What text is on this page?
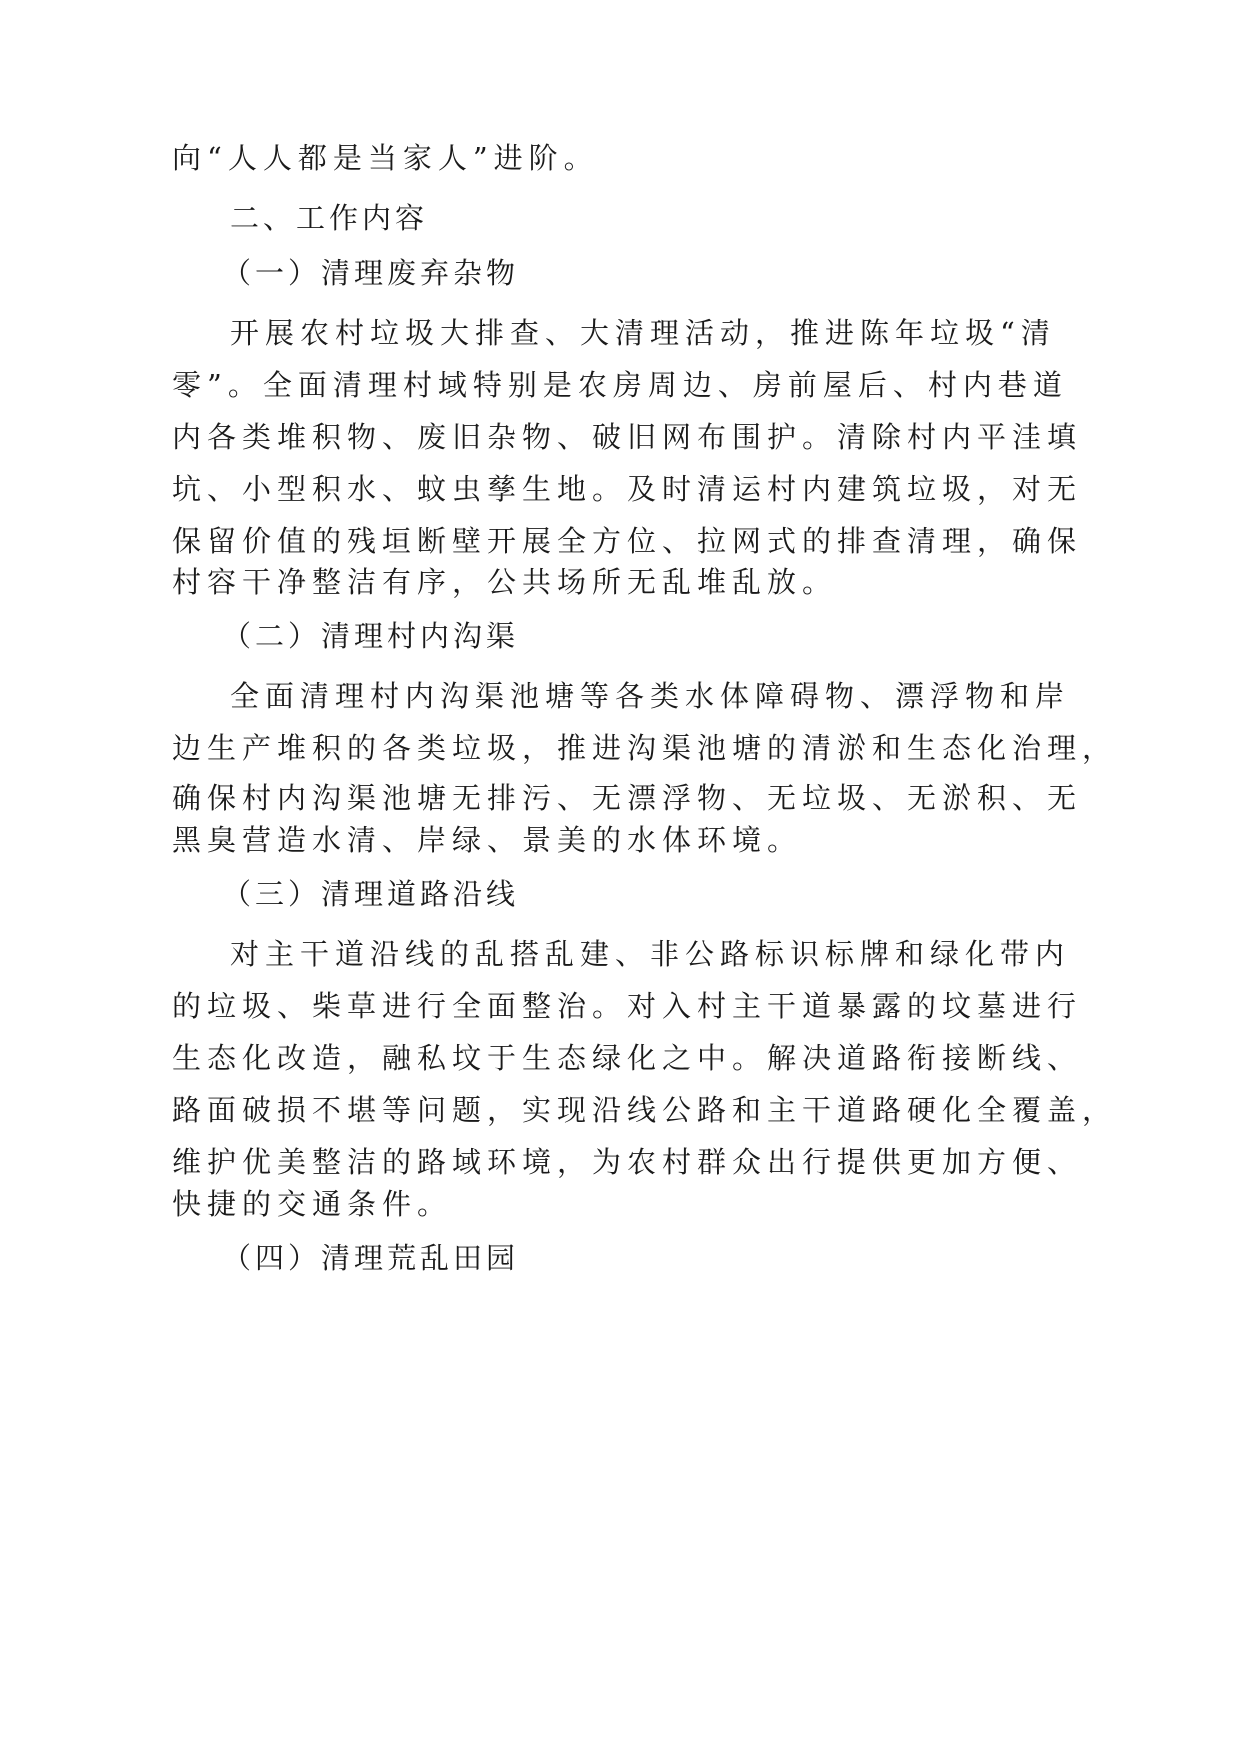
向“人人都是当家人”进阶。
二、工作内容
（一）清理废弃杂物
开展农村垃圾大排查、大清理活动，推进陈年垃圾“清
零”。全面清理村域特别是农房周边、房前屋后、村内巷道
内各类堆积物、废旧杂物、破旧网布围护。清除村内平洼填
坑、小型积水、蚊虫孳生地。及时清运村内建筑垃圾，对无
保留价值的残垣断壁开展全方位、拉网式的排查清理，确保
村容干净整洁有序，公共场所无乱堆乱放。
（二）清理村内沟渠
全面清理村内沟渠池塘等各类水体障碍物、漂浮物和岸
边生产堆积的各类垃圾，推进沟渠池塘的清淤和生态化治理，
确保村内沟渠池塘无排污、无漂浮物、无垃圾、无淤积、无
黑臭营造水清、岸绿、景美的水体环境。
（三）清理道路沿线
对主干道沿线的乱搭乱建、非公路标识标牌和绿化带内
的垃圾、柴草进行全面整治。对入村主干道暴露的坟墓进行
生态化改造，融私坟于生态绿化之中。解决道路衔接断线、
路面破损不堪等问题，实现沿线公路和主干道路硬化全覆盖，
维护优美整洁的路域环境，为农村群众出行提供更加方便、
快捷的交通条件。
（四）清理荒乱田园
